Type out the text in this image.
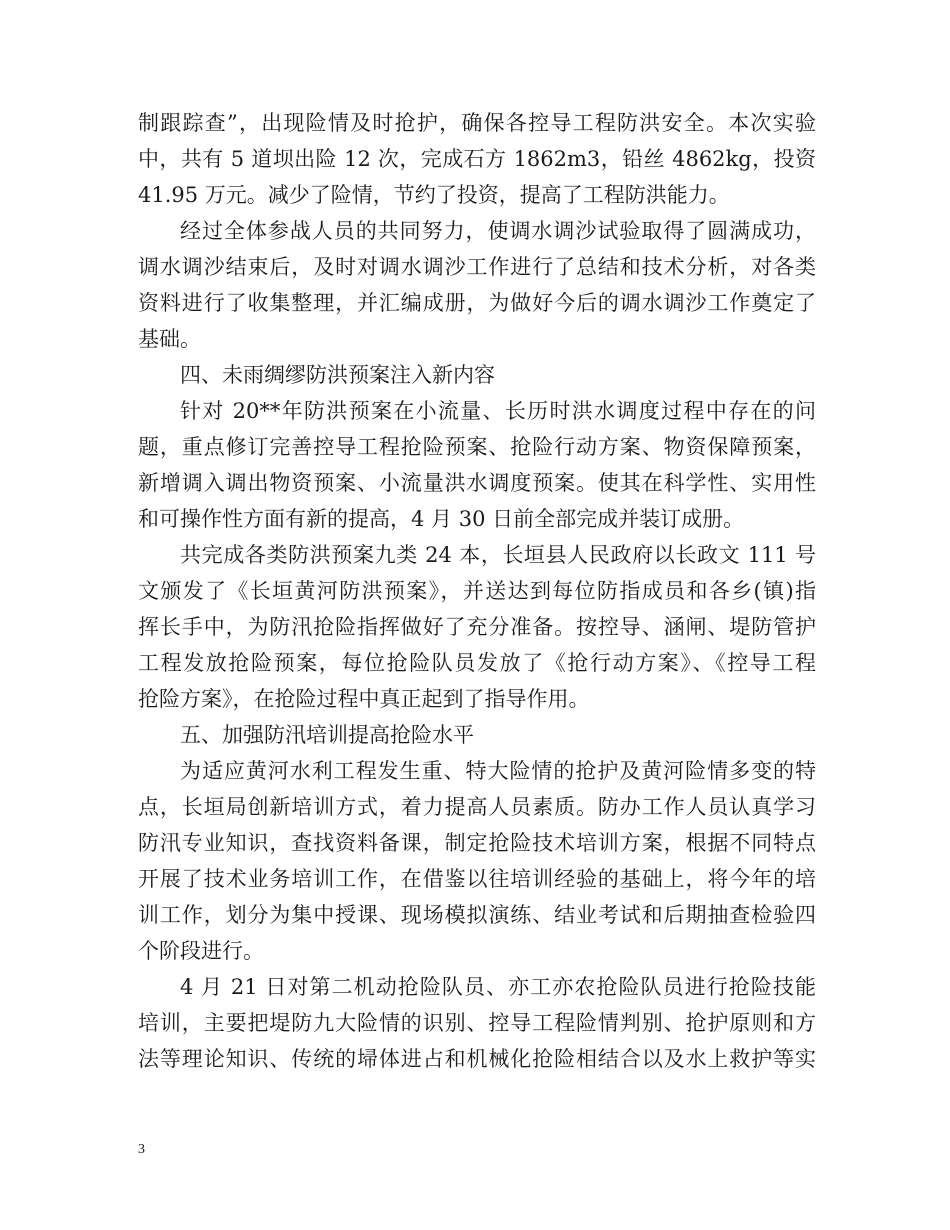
制跟踪查”，出现险情及时抢护，确保各控导工程防洪安全。本次实验
中，共有 5 道坝出险 12 次，完成石方 1862m3，铅丝 4862kg，投资
41.95 万元。减少了险情，节约了投资，提高了工程防洪能力。
经过全体参战人员的共同努力，使调水调沙试验取得了圆满成功，
调水调沙结束后，及时对调水调沙工作进行了总结和技术分析，对各类
资料进行了收集整理，并汇编成册，为做好今后的调水调沙工作奠定了
基础。
四、未雨绸缪防洪预案注入新内容
针对 20**年防洪预案在小流量、长历时洪水调度过程中存在的问
题，重点修订完善控导工程抢险预案、抢险行动方案、物资保障预案，
新增调入调出物资预案、小流量洪水调度预案。使其在科学性、实用性
和可操作性方面有新的提高，4 月 30 日前全部完成并装订成册。
共完成各类防洪预案九类 24 本，长垣县人民政府以长政文 111 号
文颁发了《长垣黄河防洪预案》，并送达到每位防指成员和各乡(镇)指
挥长手中，为防汛抢险指挥做好了充分准备。按控导、涵闸、堤防管护
工程发放抢险预案，每位抢险队员发放了《抢行动方案》、《控导工程
抢险方案》，在抢险过程中真正起到了指导作用。
五、加强防汛培训提高抢险水平
为适应黄河水利工程发生重、特大险情的抢护及黄河险情多变的特
点，长垣局创新培训方式，着力提高人员素质。防办工作人员认真学习
防汛专业知识，查找资料备课，制定抢险技术培训方案，根据不同特点
开展了技术业务培训工作，在借鉴以往培训经验的基础上，将今年的培
训工作，划分为集中授课、现场模拟演练、结业考试和后期抽查检验四
个阶段进行。
4 月 21 日对第二机动抢险队员、亦工亦农抢险队员进行抢险技能
培训，主要把堤防九大险情的识别、控导工程险情判别、抢护原则和方
法等理论知识、传统的埽体进占和机械化抢险相结合以及水上救护等实
3
